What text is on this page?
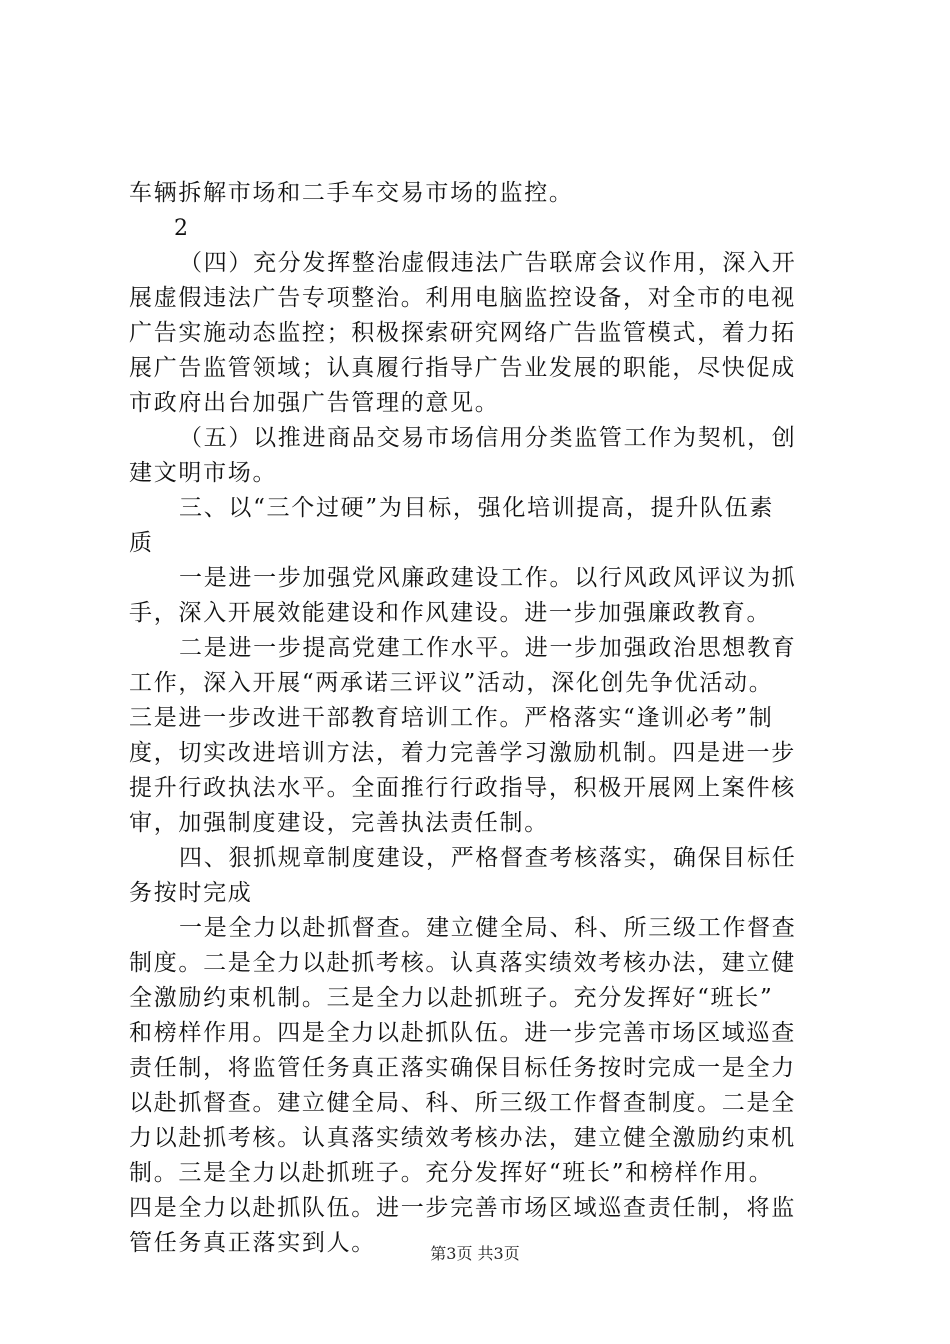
车辆拆解市场和二手车交易市场的监控。
2
（四）充分发挥整治虚假违法广告联席会议作用，深入开
展虚假违法广告专项整治。利用电脑监控设备，对全市的电视
广告实施动态监控；积极探索研究网络广告监管模式，着力拓
展广告监管领域；认真履行指导广告业发展的职能，尽快促成
市政府出台加强广告管理的意见。
（五）以推进商品交易市场信用分类监管工作为契机，创
建文明市场。
三、以“三个过硬”为目标，强化培训提高，提升队伍素
质
一是进一步加强党风廉政建设工作。以行风政风评议为抓
手，深入开展效能建设和作风建设。进一步加强廉政教育。
二是进一步提高党建工作水平。进一步加强政治思想教育
工作，深入开展“两承诺三评议”活动，深化创先争优活动。
三是进一步改进干部教育培训工作。严格落实“逢训必考”制
度，切实改进培训方法，着力完善学习激励机制。四是进一步
提升行政执法水平。全面推行行政指导，积极开展网上案件核
审，加强制度建设，完善执法责任制。
四、狠抓规章制度建设，严格督查考核落实，确保目标任
务按时完成
一是全力以赴抓督查。建立健全局、科、所三级工作督查
制度。二是全力以赴抓考核。认真落实绩效考核办法，建立健
全激励约束机制。三是全力以赴抓班子。充分发挥好“班长”
和榜样作用。四是全力以赴抓队伍。进一步完善市场区域巡查
责任制，将监管任务真正落实确保目标任务按时完成一是全力
以赴抓督查。建立健全局、科、所三级工作督查制度。二是全
力以赴抓考核。认真落实绩效考核办法，建立健全激励约束机
制。三是全力以赴抓班子。充分发挥好“班长”和榜样作用。
四是全力以赴抓队伍。进一步完善市场区域巡查责任制，将监
管任务真正落实到人。	第3页 共3页
